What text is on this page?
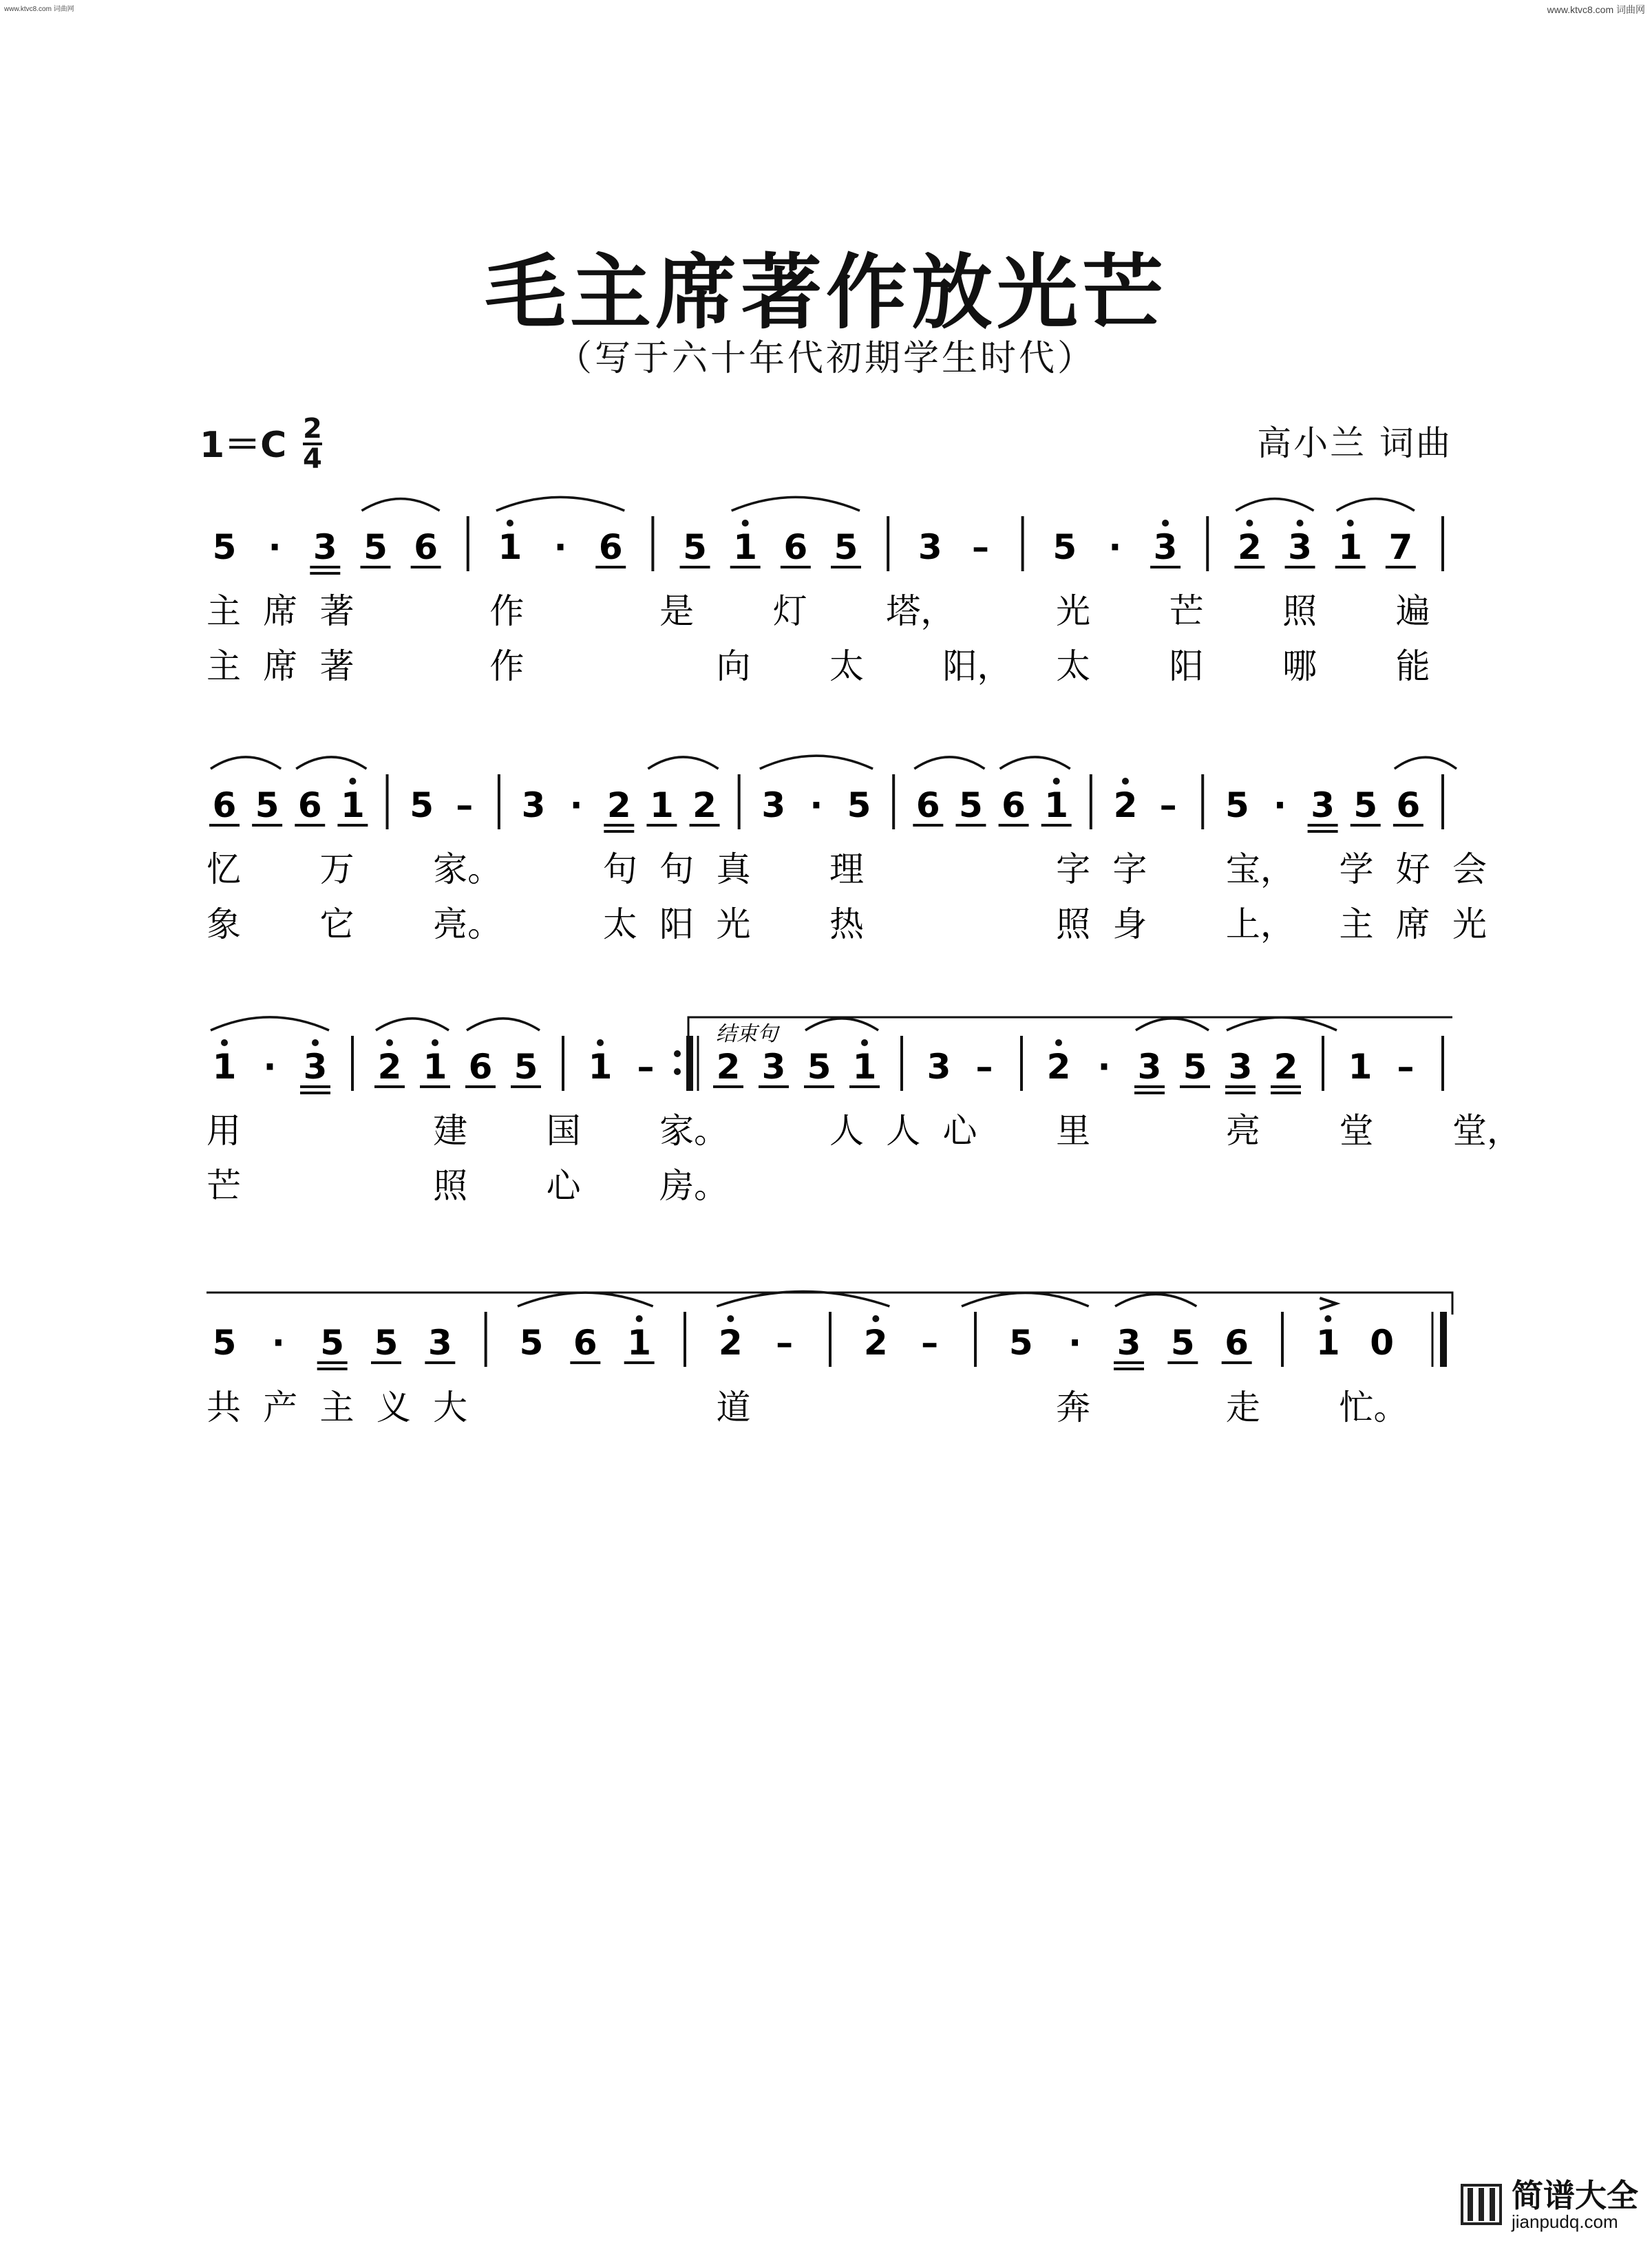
www.ktvc8.com 词曲网	www.ktvc8.com 词曲网
毛主席著作放光芒
（写于六十年代初期学生时代）
1＝C 2
4	高小兰 词曲
5 · 3 5 6 1 · 6 5 1 6 5 3 – 5 · 3 2 3 1 7
主 席 著	作	是 灯 塔，	光 芒 照 遍
主 席 著	作	向 太 阳， 太 阳 哪 能
6 5 6 1 5 – 3 · 2 1 2 3 · 5 6 5 6 1 2 – 5 · 3 5 6
忆 万 家。	句 句 真 理	字 字 宝， 学 好 会
象 它 亮。	太 阳 光 热	照 身 上， 主 席 光
1 · 3 2 1 6 5 1 – 2 3 5 1 3 – 2 · 3 5 3 2 1 –
用	建 国 家。	人 人 心 里	亮 堂 堂，
芒	照 心 房。
5 · 5 5 3 5 6 1 2 – 2 – 5 · 3 5 6 1 0
共 产 主 义 大	道	奔	走 忙。
结束句
简谱大全
jianpudq.com
